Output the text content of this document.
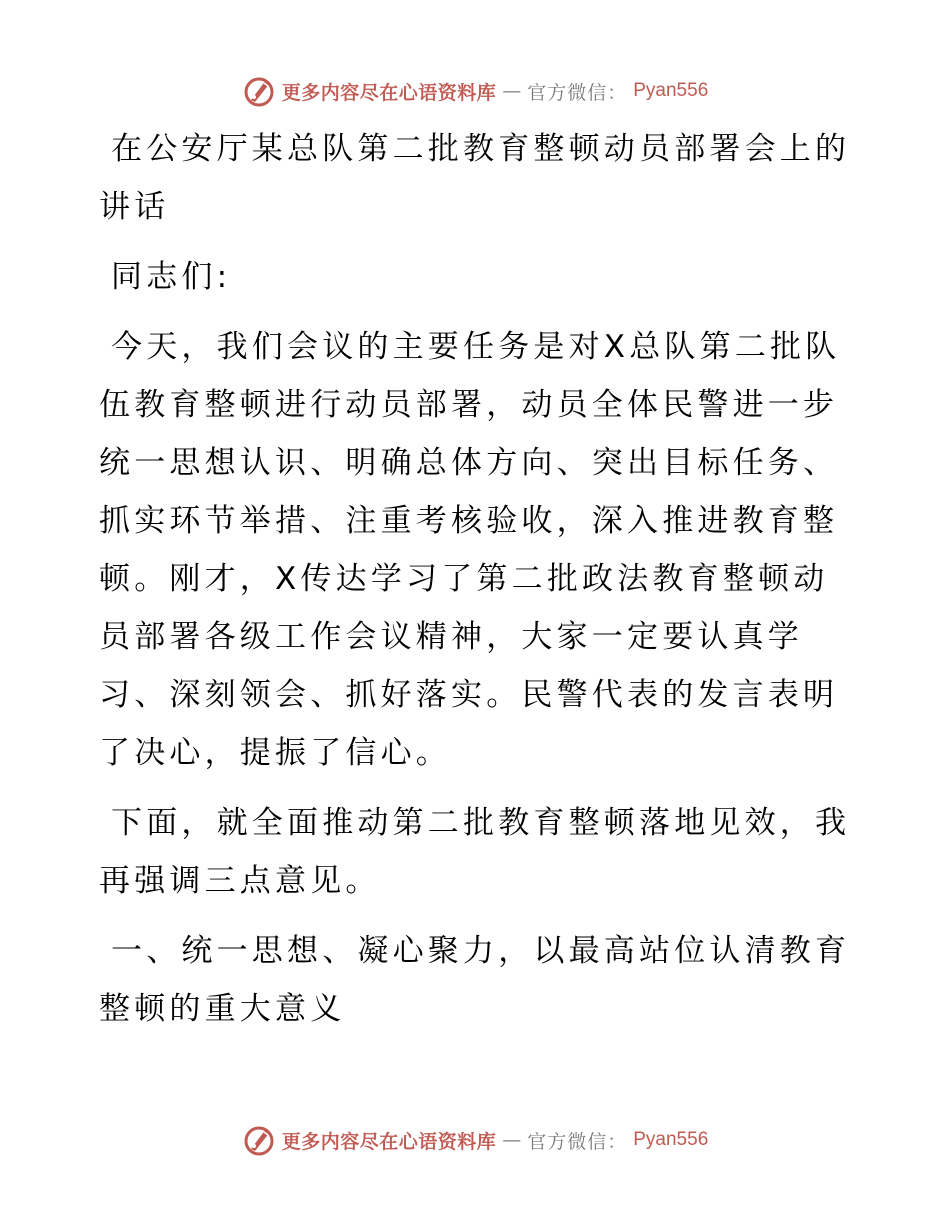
更多内容尽在心语资料库 — 官方微信： Pyan556

在公安厅某总队第二批教育整顿动员部署会上的讲话

同志们:

今天，我们会议的主要任务是对X总队第二批队伍教育整顿进行动员部署，动员全体民警进一步统一思想认识、明确总体方向、突出目标任务、抓实环节举措、注重考核验收，深入推进教育整顿。刚才，X传达学习了第二批政法教育整顿动员部署各级工作会议精神，大家一定要认真学习、深刻领会、抓好落实。民警代表的发言表明了决心，提振了信心。

下面，就全面推动第二批教育整顿落地见效，我再强调三点意见。

一、统一思想、凝心聚力，以最高站位认清教育整顿的重大意义

更多内容尽在心语资料库 — 官方微信： Pyan556
